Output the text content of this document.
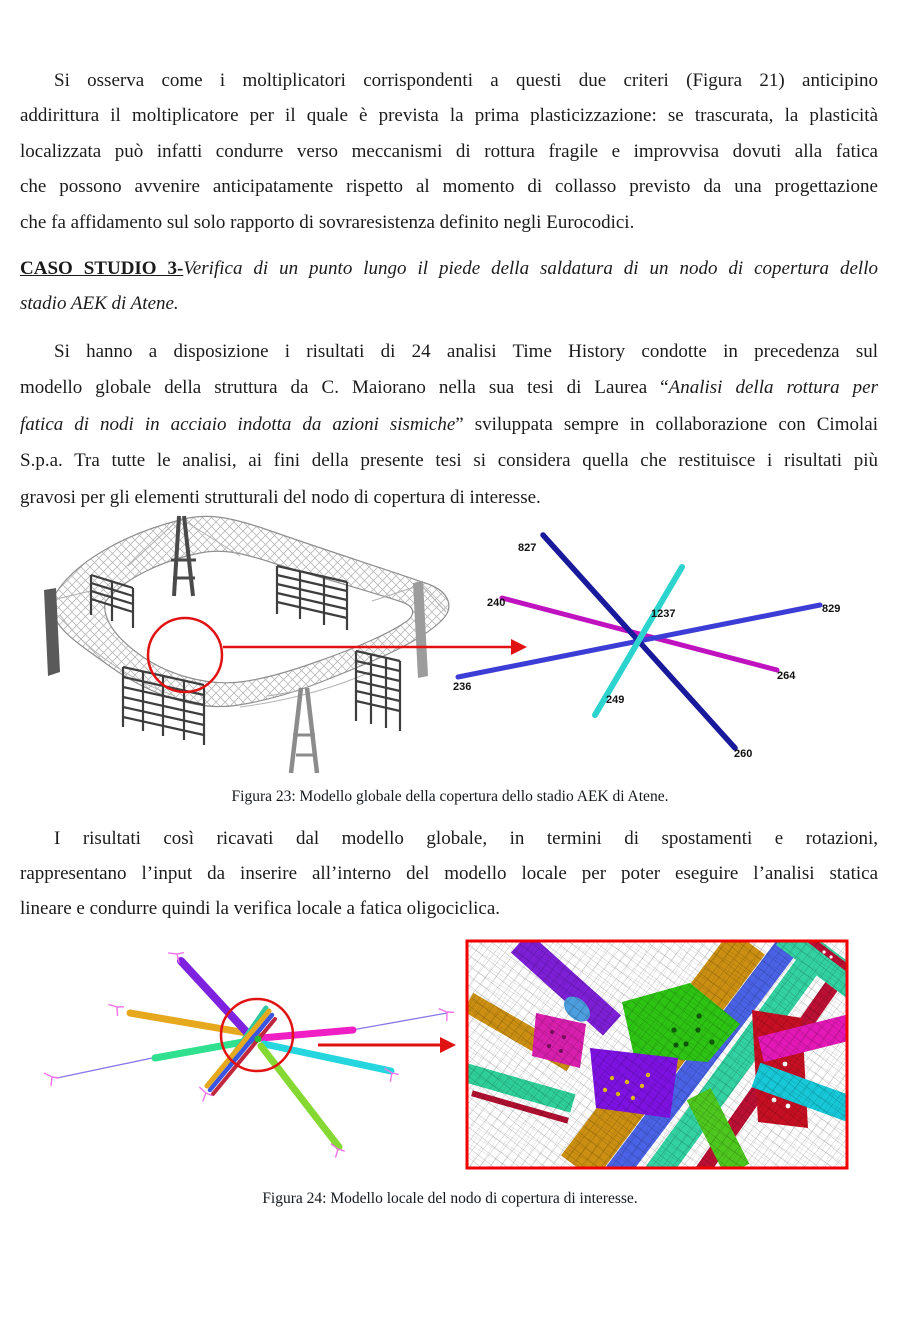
827
240
1237	829
236
264
249
260
Si osserva come i moltiplicatori corrispondenti a questi due criteri (Figura 21) anticipino
addirittura il moltiplicatore per il quale è prevista la prima plasticizzazione: se trascurata, la plasticità
localizzata può infatti condurre verso meccanismi di rottura fragile e improvvisa dovuti alla fatica
che possono avvenire anticipatamente rispetto al momento di collasso previsto da una progettazione
che fa affidamento sul solo rapporto di sovraresistenza definito negli Eurocodici.
CASO STUDIO 3-Verifica di un punto lungo il piede della saldatura di un nodo di copertura dello
stadio AEK di Atene.
Si hanno a disposizione i risultati di 24 analisi Time History condotte in precedenza sul
modello globale della struttura da C. Maiorano nella sua tesi di Laurea “Analisi della rottura per
fatica di nodi in acciaio indotta da azioni sismiche” sviluppata sempre in collaborazione con Cimolai
S.p.a. Tra tutte le analisi, ai fini della presente tesi si considera quella che restituisce i risultati più
gravosi per gli elementi strutturali del nodo di copertura di interesse.
Figura 23: Modello globale della copertura dello stadio AEK di Atene.
I risultati così ricavati dal modello globale, in termini di spostamenti e rotazioni,
rappresentano l’input da inserire all’interno del modello locale per poter eseguire l’analisi statica
lineare e condurre quindi la verifica locale a fatica oligociclica.
Figura 24: Modello locale del nodo di copertura di interesse.
